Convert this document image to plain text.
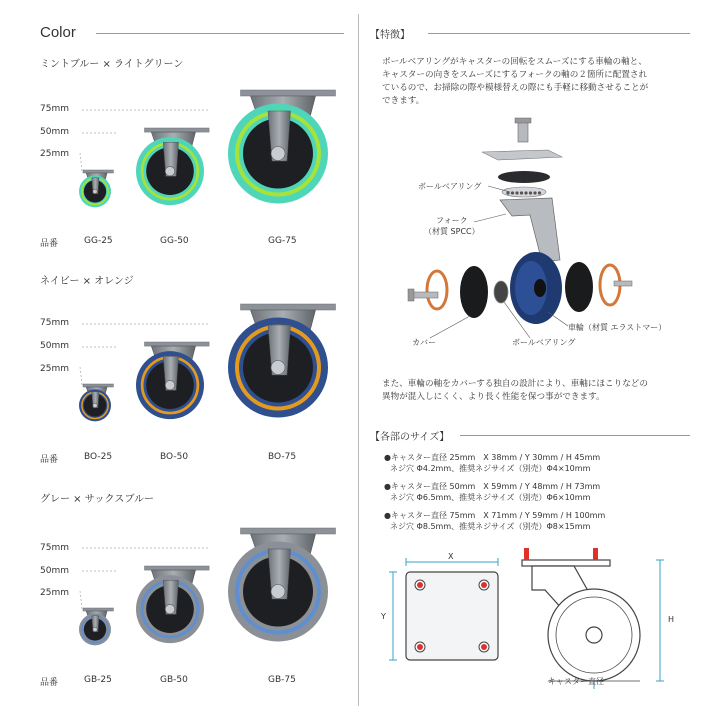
Color
ミントブルー × ライトグリーン
75mm
50mm
25mm
品番	GG-25	GG-50	GG-75
ネイビー × オレンジ
75mm
50mm
25mm
品番	BO-25	BO-50	BO-75
グレー × サックスブルー
75mm
50mm
25mm
品番	GB-25	GB-50	GB-75
【特徴】
ボールベアリングがキャスターの回転をスムーズにする車輪の軸と、
キャスターの向きをスムーズにするフォークの軸の２箇所に配置され
ているので、お掃除の際や模様替えの際にも手軽に移動させることが
できます。
ボールベアリング
フォーク
（材質 SPCC）
車輪（材質 エラストマー）
カバー	ボールベアリング
また、車輪の軸をカバーする独自の設計により、車軸にほこりなどの
異物が混入しにくく、より長く性能を保つ事ができます。
【各部のサイズ】
●キャスター直径 25mm　X 38mm / Y 30mm / H 45mm
ネジ穴 Φ4.2mm、推奨ネジサイズ（別売）Φ4×10mm
●キャスター直径 50mm　X 59mm / Y 48mm / H 73mm
ネジ穴 Φ6.5mm、推奨ネジサイズ（別売）Φ6×10mm
●キャスター直径 75mm　X 71mm / Y 59mm / H 100mm
ネジ穴 Φ8.5mm、推奨ネジサイズ（別売）Φ8×15mm
X
Y	H
キャスター直径
